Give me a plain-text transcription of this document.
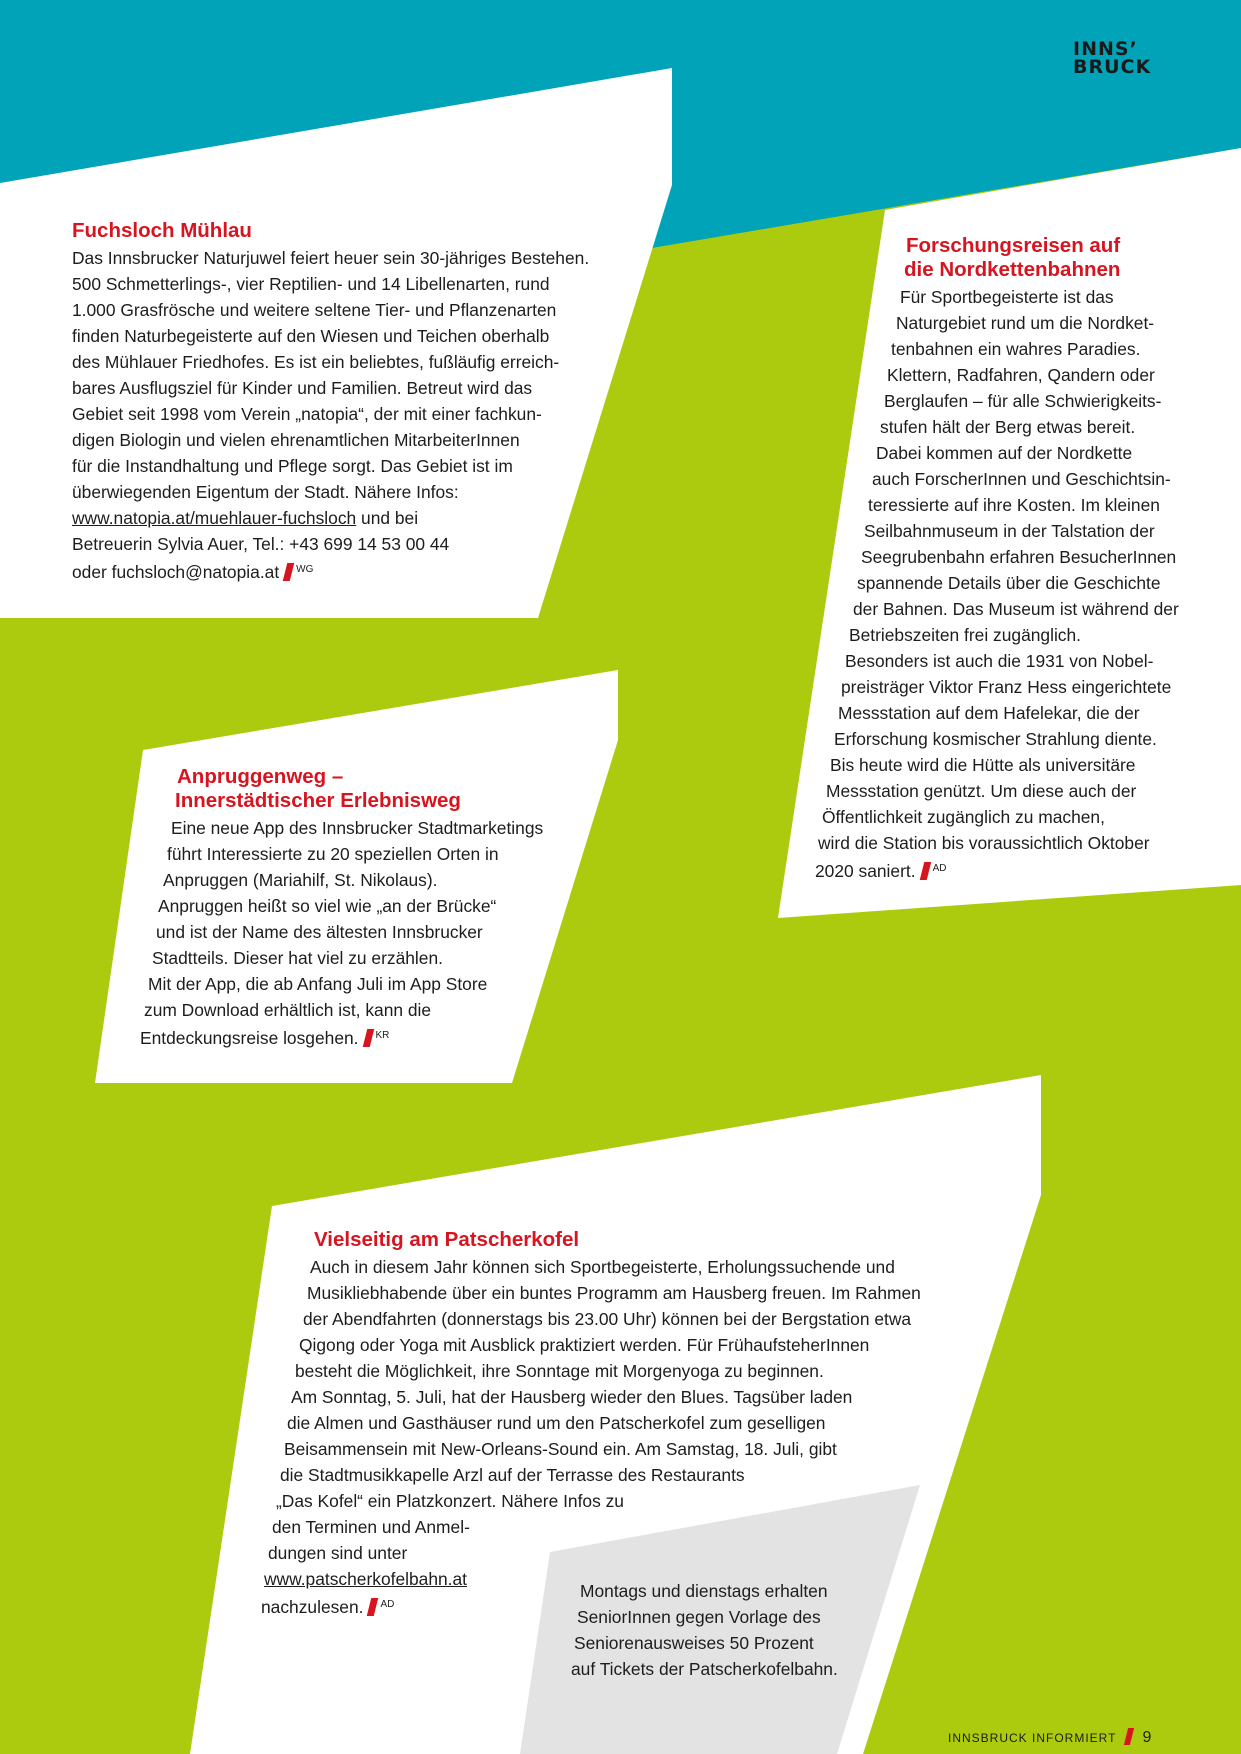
INNS’
BRUCK
Fuchsloch Mühlau
Das Innsbrucker Naturjuwel feiert heuer sein 30-jähriges Bestehen.
500 Schmetterlings-, vier Reptilien- und 14 Libellenarten, rund
1.000 Grasfrösche und weitere seltene Tier- und Pflanzenarten
finden Naturbegeisterte auf den Wiesen und Teichen oberhalb
des Mühlauer Friedhofes. Es ist ein beliebtes, fußläufig erreich-
bares Ausflugsziel für Kinder und Familien. Betreut wird das
Gebiet seit 1998 vom Verein „natopia“, der mit einer fachkun-
digen Biologin und vielen ehrenamtlichen MitarbeiterInnen
für die Instandhaltung und Pflege sorgt. Das Gebiet ist im
überwiegenden Eigentum der Stadt. Nähere Infos:
www.natopia.at/muehlauer-fuchsloch und bei
Betreuerin Sylvia Auer, Tel.: +43 699 14 53 00 44
oder fuchsloch@natopia.at $^{WG}$
Forschungsreisen auf
die Nordkettenbahnen
Für Sportbegeisterte ist das
Naturgebiet rund um die Nordket-
tenbahnen ein wahres Paradies.
Klettern, Radfahren, Qandern oder
Berglaufen – für alle Schwierigkeits-
stufen hält der Berg etwas bereit.
Dabei kommen auf der Nordkette
auch ForscherInnen und Geschichtsin-
teressierte auf ihre Kosten. Im kleinen
Seilbahnmuseum in der Talstation der
Seegrubenbahn erfahren BesucherInnen
spannende Details über die Geschichte
der Bahnen. Das Museum ist während der
Betriebszeiten frei zugänglich.
Besonders ist auch die 1931 von Nobel-
preisträger Viktor Franz Hess eingerichtete
Messstation auf dem Hafelekar, die der
Erforschung kosmischer Strahlung diente.
Bis heute wird die Hütte als universitäre
Messstation genützt. Um diese auch der
Öffentlichkeit zugänglich zu machen,
wird die Station bis voraussichtlich Oktober
2020 saniert. $^{AD}$
Anpruggenweg –
Innerstädtischer Erlebnisweg
Eine neue App des Innsbrucker Stadtmarketings
führt Interessierte zu 20 speziellen Orten in
Anpruggen (Mariahilf, St. Nikolaus).
Anpruggen heißt so viel wie „an der Brücke“
und ist der Name des ältesten Innsbrucker
Stadtteils. Dieser hat viel zu erzählen.
Mit der App, die ab Anfang Juli im App Store
zum Download erhältlich ist, kann die
Entdeckungsreise losgehen. $^{KR}$
Vielseitig am Patscherkofel
Auch in diesem Jahr können sich Sportbegeisterte, Erholungssuchende und
Musikliebhabende über ein buntes Programm am Hausberg freuen. Im Rahmen
der Abendfahrten (donnerstags bis 23.00 Uhr) können bei der Bergstation etwa
Qigong oder Yoga mit Ausblick praktiziert werden. Für FrühaufsteherInnen
besteht die Möglichkeit, ihre Sonntage mit Morgenyoga zu beginnen.
Am Sonntag, 5. Juli, hat der Hausberg wieder den Blues. Tagsüber laden
die Almen und Gasthäuser rund um den Patscherkofel zum geselligen
Beisammensein mit New-Orleans-Sound ein. Am Samstag, 18. Juli, gibt
die Stadtmusikkapelle Arzl auf der Terrasse des Restaurants
„Das Kofel“ ein Platzkonzert. Nähere Infos zu
den Terminen und Anmel-
dungen sind unter
www.patscherkofelbahn.at
nachzulesen. $^{AD}$
Montags und dienstags erhalten
SeniorInnen gegen Vorlage des
Seniorenausweises 50 Prozent
auf Tickets der Patscherkofelbahn.
INNSBRUCK INFORMIERT 9
